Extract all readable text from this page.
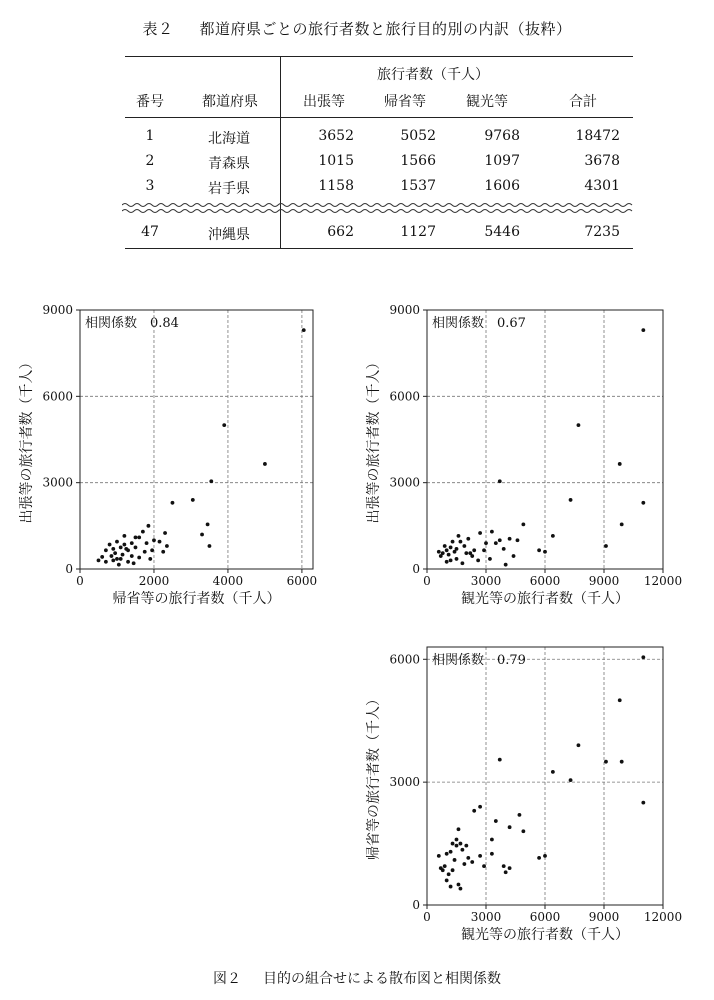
表２ 都道府県ごとの旅行者数と旅行目的別の内訳（抜粋）
旅行者数（千人）
番号	都道府県	出張等	帰省等	観光等	合計
1	北海道	3652	5052	9768	18472
2	青森県	1015	1566	1097	3678
3	岩手県	1158	1537	1606	4301
47	沖縄県	662	1127	5446	7235
0	2000	4000	6000
0
3000
6000
9000
帰省等の旅行者数（千人）
出張等の旅行者数（千人）
相関係数　0.84
0	3000 6000 9000 12000
0
3000
6000
9000
観光等の旅行者数（千人）
出張等の旅行者数（千人）
相関係数　0.67
0	3000 6000 9000 12000
0
3000
6000
観光等の旅行者数（千人）
帰省等の旅行者数（千人）
相関係数　0.79
図２ 目的の組合せによる散布図と相関係数
